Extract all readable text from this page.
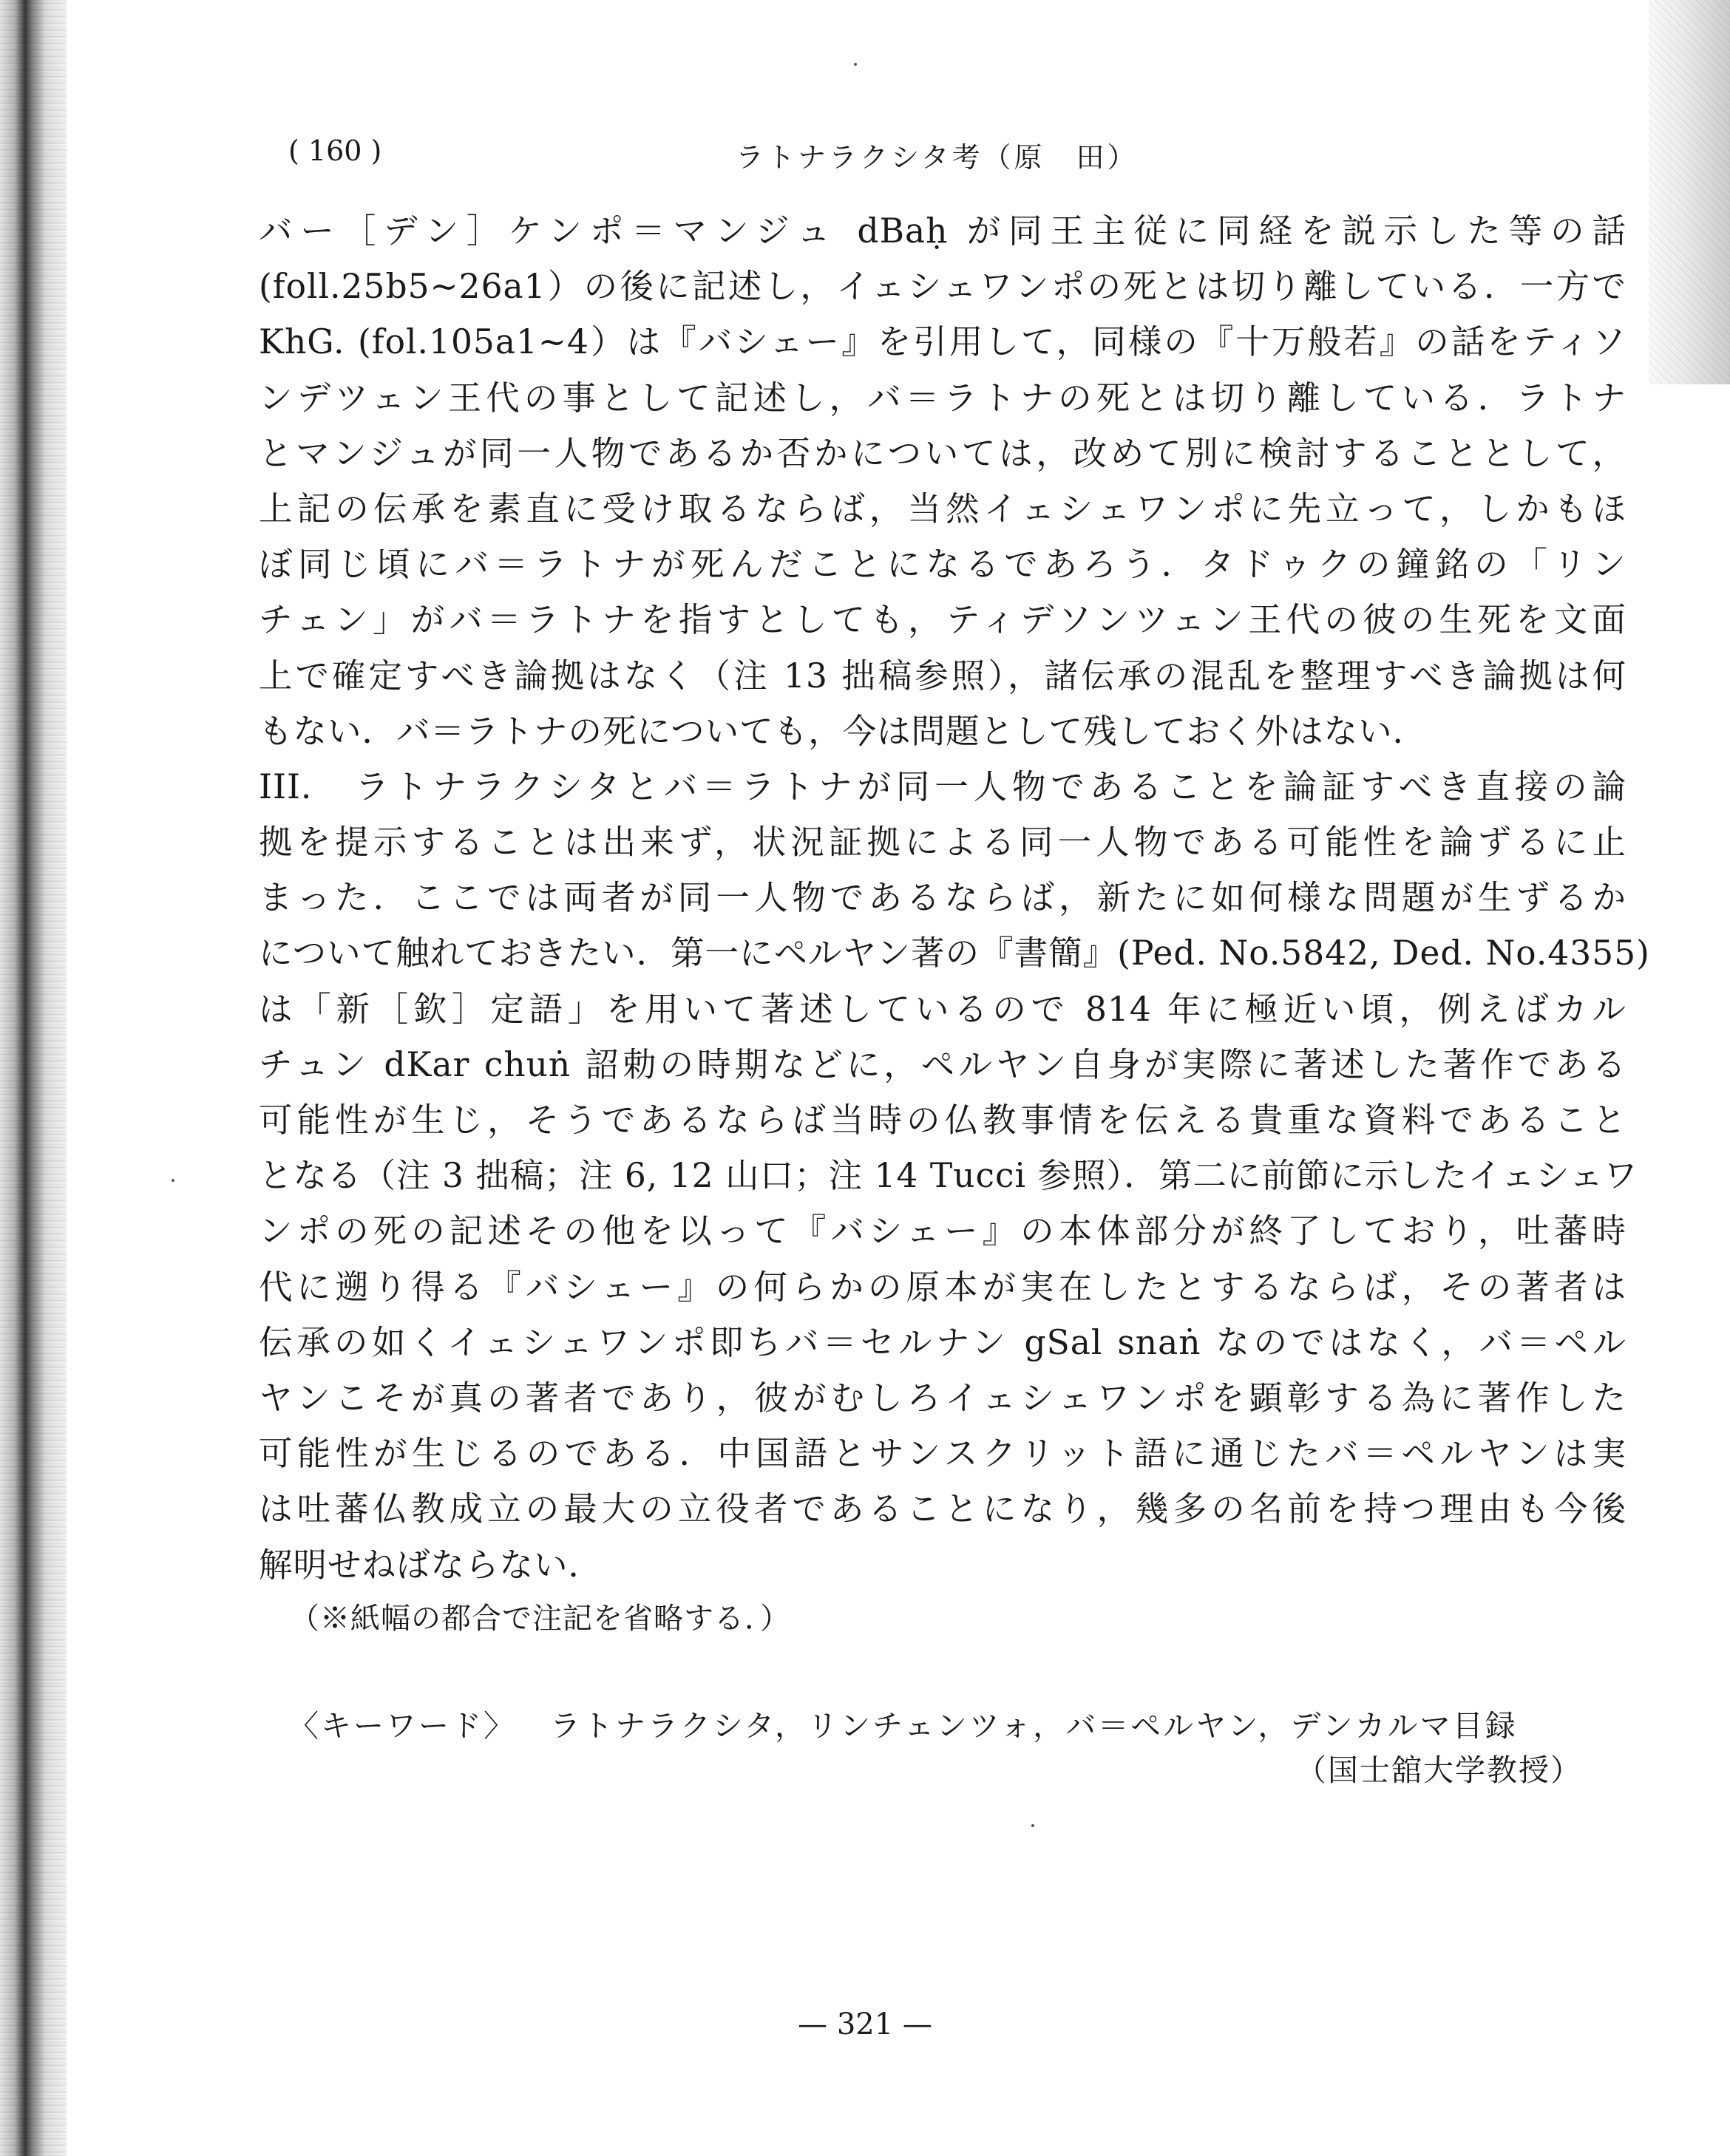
( 160 )	ラトナラクシタ考（原　田）
バー［デン］ケンポ＝マンジュ dBaḥ が同王主従に同経を説示した等の話
(foll.25b5~26a1）の後に記述し，イェシェワンポの死とは切り離している．一方で
KhG. (fol.105a1~4）は『バシェー』を引用して，同様の『十万般若』の話をティソ
ンデツェン王代の事として記述し，バ＝ラトナの死とは切り離している．ラトナ
とマンジュが同一人物であるか否かについては，改めて別に検討することとして，
上記の伝承を素直に受け取るならば，当然イェシェワンポに先立って，しかもほ
ぼ同じ頃にバ＝ラトナが死んだことになるであろう．タドゥクの鐘銘の「リン
チェン」がバ＝ラトナを指すとしても，ティデソンツェン王代の彼の生死を文面
上で確定すべき論拠はなく（注 13 拙稿参照），諸伝承の混乱を整理すべき論拠は何
もない．バ＝ラトナの死についても，今は問題として残しておく外はない．
III.　ラトナラクシタとバ＝ラトナが同一人物であることを論証すべき直接の論
拠を提示することは出来ず，状況証拠による同一人物である可能性を論ずるに止
まった．ここでは両者が同一人物であるならば，新たに如何様な問題が生ずるか
について触れておきたい．第一にペルヤン著の『書簡』(Ped. No.5842, Ded. No.4355)
は「新［欽］定語」を用いて著述しているので 814 年に極近い頃，例えばカル
チュン dKar chuṅ 詔勅の時期などに，ペルヤン自身が実際に著述した著作である
可能性が生じ，そうであるならば当時の仏教事情を伝える貴重な資料であること
となる（注 3 拙稿；注 6, 12 山口；注 14 Tucci 参照）．第二に前節に示したイェシェワ
ンポの死の記述その他を以って『バシェー』の本体部分が終了しており，吐蕃時
代に遡り得る『バシェー』の何らかの原本が実在したとするならば，その著者は
伝承の如くイェシェワンポ即ちバ＝セルナン gSal snaṅ なのではなく，バ＝ペル
ヤンこそが真の著者であり，彼がむしろイェシェワンポを顕彰する為に著作した
可能性が生じるのである．中国語とサンスクリット語に通じたバ＝ペルヤンは実
は吐蕃仏教成立の最大の立役者であることになり，幾多の名前を持つ理由も今後
解明せねばならない．
（※紙幅の都合で注記を省略する．）
〈キーワード〉 ラトナラクシタ，リンチェンツォ，バ＝ペルヤン，デンカルマ目録
（国士舘大学教授）
— 321 —
